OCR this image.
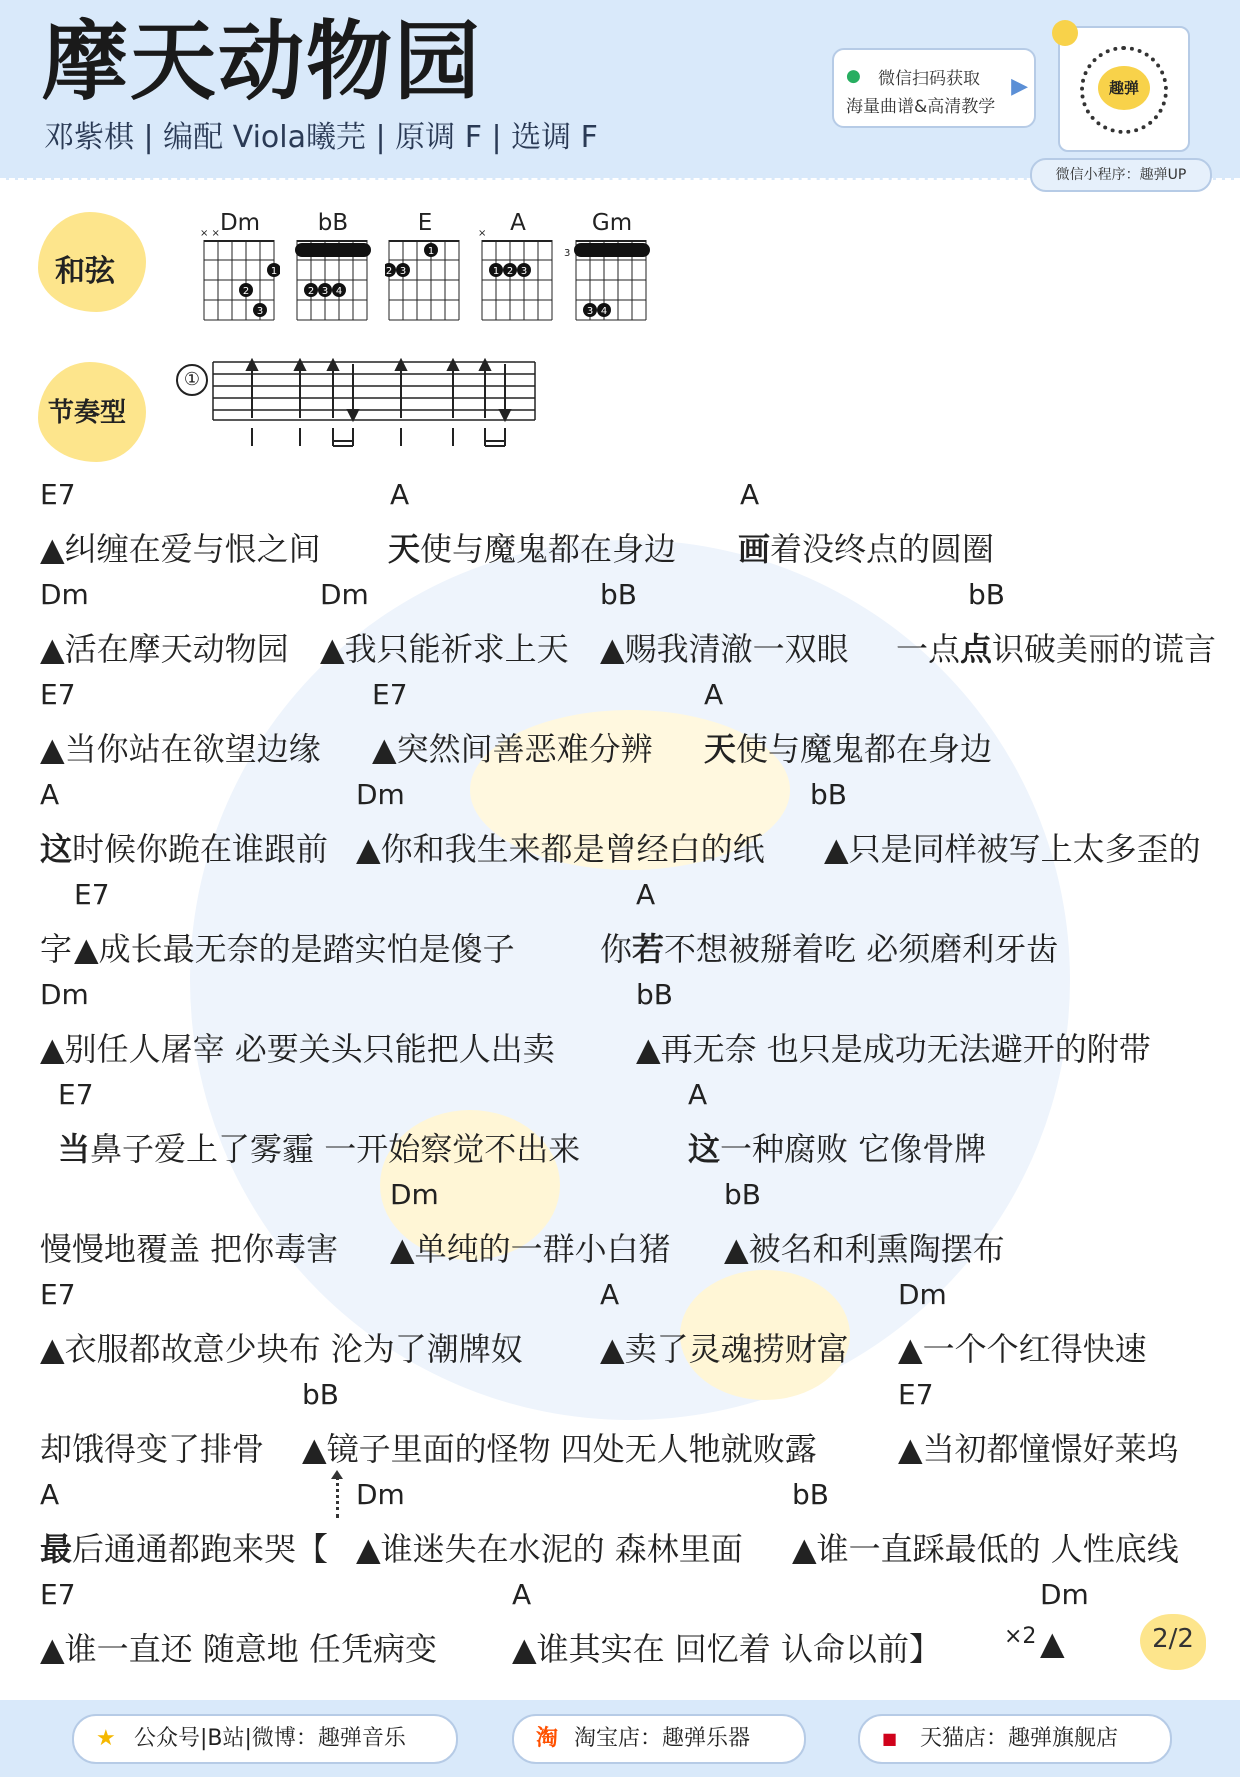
摩天动物园
邓紫棋 | 编配 Viola曦芫 | 原调 F | 选调 F
● 微信扫码获取
海量曲谱&高清教学
▶	趣弹
微信小程序：趣弹UP
和弦
节奏型
Dm
× ×
1
2
3
bB
2 3 4
E
1
2 3
A
×
1 2 3
Gm
3
3 4
①
E7	A	A
▲纠缠在爱与恨之间 天使与魔鬼都在身边 画着没终点的圆圈
Dm	Dm	bB	bB
▲活在摩天动物园 ▲我只能祈求上天 ▲赐我清澈一双眼 一点点识破美丽的谎言
E7	E7	A
▲当你站在欲望边缘 ▲突然间善恶难分辨 天使与魔鬼都在身边
A	Dm	bB
这时候你跪在谁跟前 ▲你和我生来都是曾经白的纸 ▲只是同样被写上太多歪的
E7	A
字 ▲成长最无奈的是踏实怕是傻子	你若不想被掰着吃 必须磨利牙齿
Dm	bB
▲别任人屠宰 必要关头只能把人出卖	▲再无奈 也只是成功无法避开的附带
E7	A
当鼻子爱上了雾霾 一开始察觉不出来	这一种腐败 它像骨牌
Dm	bB
慢慢地覆盖 把你毒害 ▲单纯的一群小白猪 ▲被名和利熏陶摆布
E7	A	Dm
▲衣服都故意少块布 沦为了潮牌奴 ▲卖了灵魂捞财富 ▲一个个红得快速
bB	E7
却饿得变了排骨 ▲镜子里面的怪物 四处无人牠就败露	▲当初都憧憬好莱坞
A	Dm	bB
最后通通都跑来哭【 ▲谁迷失在水泥的 森林里面 ▲谁一直踩最低的 人性底线
E7	A	Dm
▲谁一直还 随意地 任凭病变 ▲谁其实在 回忆着 认命以前】	$^{\times 2}$ ▲	2/2
★ 公众号|B站|微博：趣弹音乐	淘 淘宝店：趣弹乐器	■ 天猫店：趣弹旗舰店
